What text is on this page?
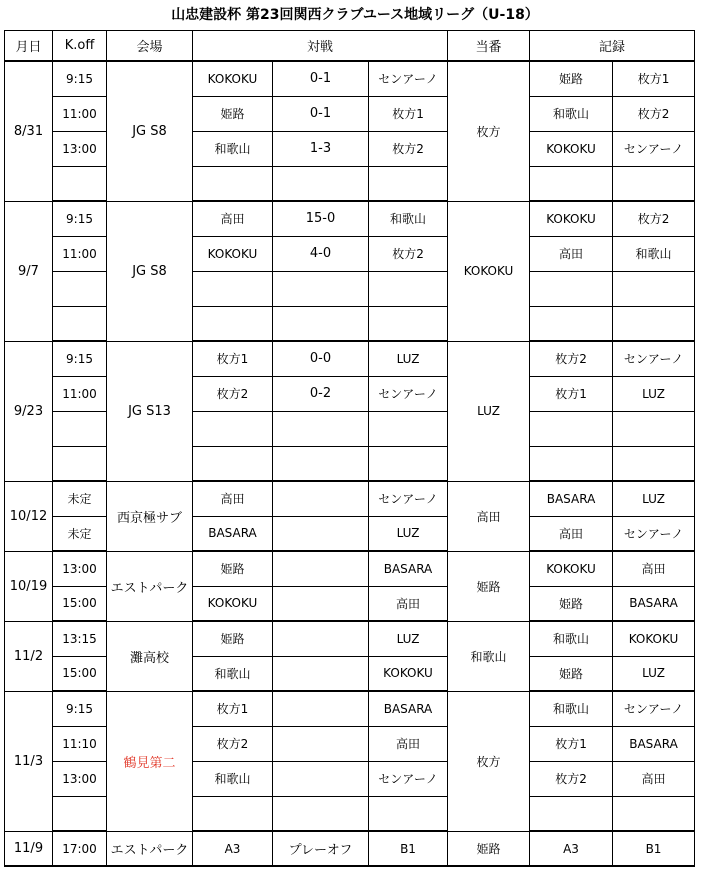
山忠建設杯 第23回関西クラブユース地域リーグ（U-18）
月日	K.off	会場	対戦			当番	記録	
8/31	9:15	JG S8	KOKOKU	0-1	センアーノ	枚方	姫路	枚方1
	11:00		姫路	0-1	枚方1		和歌山	枚方2
	13:00		和歌山	1-3	枚方2		KOKOKU	センアーノ

9/7	9:15	JG S8	高田	15-0	和歌山	KOKOKU	KOKOKU	枚方2
	11:00		KOKOKU	4-0	枚方2		高田	和歌山

9/23	9:15	JG S13	枚方1	0-0	LUZ	LUZ	枚方2	センアーノ
	11:00		枚方2	0-2	センアーノ		枚方1	LUZ

10/12	未定	西京極サブ	高田		センアーノ	高田	BASARA	LUZ
	未定		BASARA		LUZ		高田	センアーノ
10/19	13:00	エストパーク	姫路		BASARA	姫路	KOKOKU	高田
	15:00		KOKOKU		高田		姫路	BASARA
11/2	13:15	灘高校	姫路		LUZ	和歌山	和歌山	KOKOKU
	15:00		和歌山		KOKOKU		姫路	LUZ
11/3	9:15	鶴見第二	枚方1		BASARA	枚方	和歌山	センアーノ
	11:10		枚方2		高田		枚方1	BASARA
	13:00		和歌山		センアーノ		枚方2	高田

11/9	17:00	エストパーク	A3	プレーオフ	B1	姫路	A3	B1
